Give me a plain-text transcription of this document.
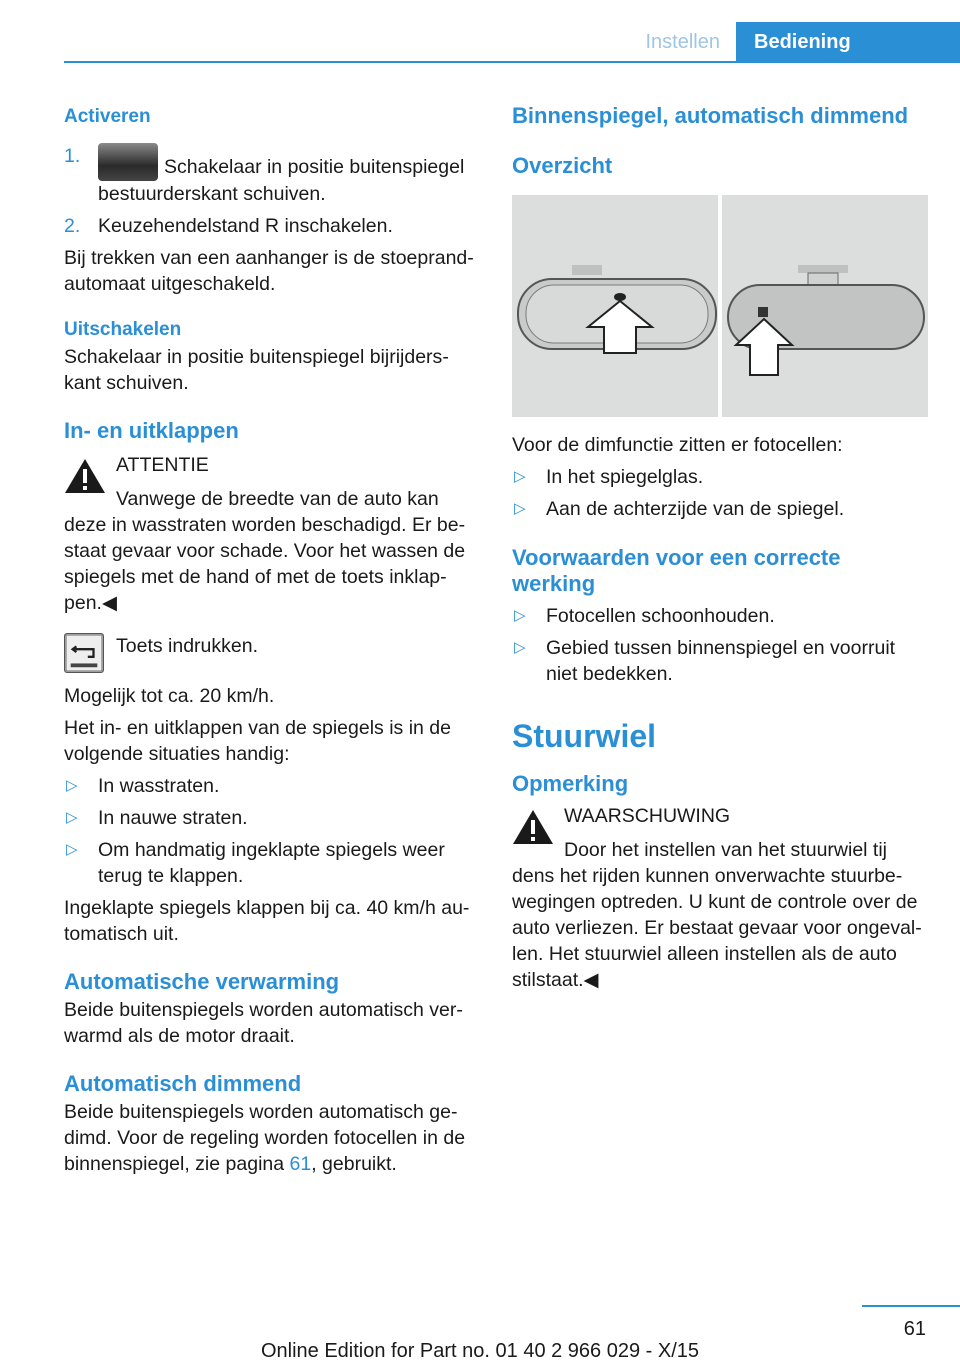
Instellen	Bediening
Activeren
1.	Schakelaar in positie buitenspiegel bestuurderskant schuiven.
2. Keuzehendelstand R inschakelen.

Bij trekken van een aanhanger is de stoeprandautomaat uitgeschakeld.

Uitschakelen

Schakelaar in positie buitenspiegel bijrijderskant schuiven.

In- en uitklappen
ATTENTIE
Vanwege de breedte van de auto kan

deze in wasstraten worden beschadigd. Er bestaat gevaar voor schade. Voor het wassen de spiegels met de hand of met de toets inklappen.◀

Toets indrukken.

Mogelijk tot ca. 20 km/h.

Het in- en uitklappen van de spiegels is in de volgende situaties handig:

▷ In wasstraten.
▷ In nauwe straten.
▷ Om handmatig ingeklapte spiegels weer terug te klappen.

Ingeklapte spiegels klappen bij ca. 40 km/h automatisch uit.

Automatische verwarming

Beide buitenspiegels worden automatisch verwarmd als de motor draait.

Automatisch dimmend

Beide buitenspiegels worden automatisch gedimd. Voor de regeling worden fotocellen in de binnenspiegel, zie pagina 61, gebruikt.

Binnenspiegel, automatisch dimmend
Overzicht

Voor de dimfunctie zitten er fotocellen:

▷ In het spiegelglas.
▷ Aan de achterzijde van de spiegel.
Voorwaarden voor een correcte werking
▷ Fotocellen schoonhouden.
▷ Gebied tussen binnenspiegel en voorruit niet bedekken.
Stuurwiel
Opmerking
WAARSCHUWING
Door het instellen van het stuurwiel tij

dens het rijden kunnen onverwachte stuurbewegingen optreden. U kunt de controle over de auto verliezen. Er bestaat gevaar voor ongevallen. Het stuurwiel alleen instellen als de auto stilstaat.◀

61
Online Edition for Part no. 01 40 2 966 029 - X/15
